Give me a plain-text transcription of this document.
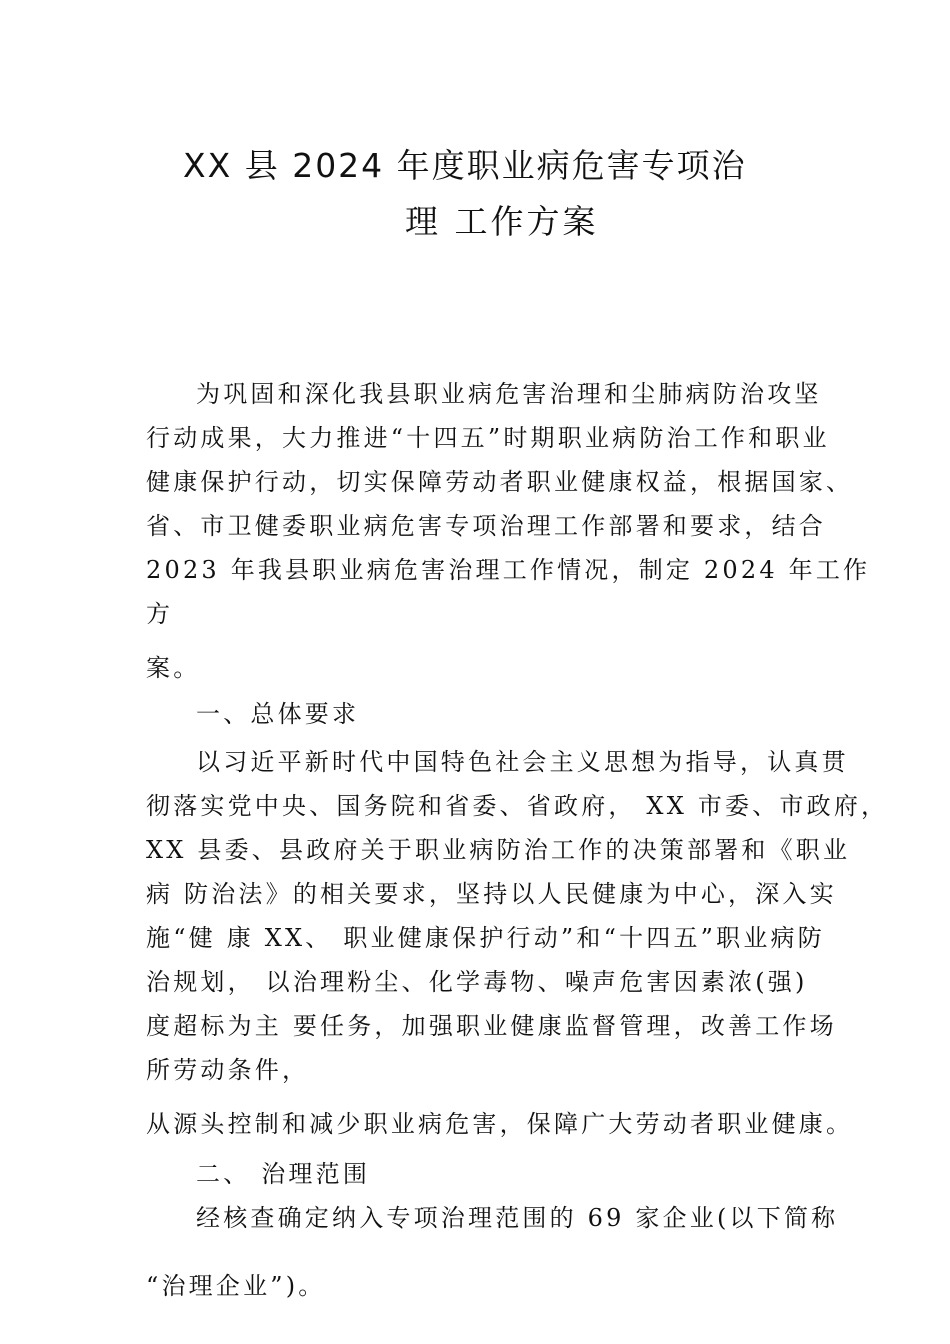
XX 县 2024 年度职业病危害专项治
理 工作方案
为巩固和深化我县职业病危害治理和尘肺病防治攻坚
行动成果，大力推进“十四五”时期职业病防治工作和职业
健康保护行动，切实保障劳动者职业健康权益，根据国家、
省、市卫健委职业病危害专项治理工作部署和要求，结合
2023 年我县职业病危害治理工作情况，制定 2024 年工作
方
案。
一、总体要求
以习近平新时代中国特色社会主义思想为指导，认真贯
彻落实党中央、国务院和省委、省政府， XX 市委、市政府，
XX 县委、县政府关于职业病防治工作的决策部署和《职业
病 防治法》的相关要求，坚持以人民健康为中心，深入实
施“健 康 XX、 职业健康保护行动”和“十四五”职业病防
治规划， 以治理粉尘、化学毒物、噪声危害因素浓(强)
度超标为主 要任务，加强职业健康监督管理，改善工作场
所劳动条件，
从源头控制和减少职业病危害，保障广大劳动者职业健康。
二、 治理范围
经核查确定纳入专项治理范围的 69 家企业(以下简称
“治理企业”)。
